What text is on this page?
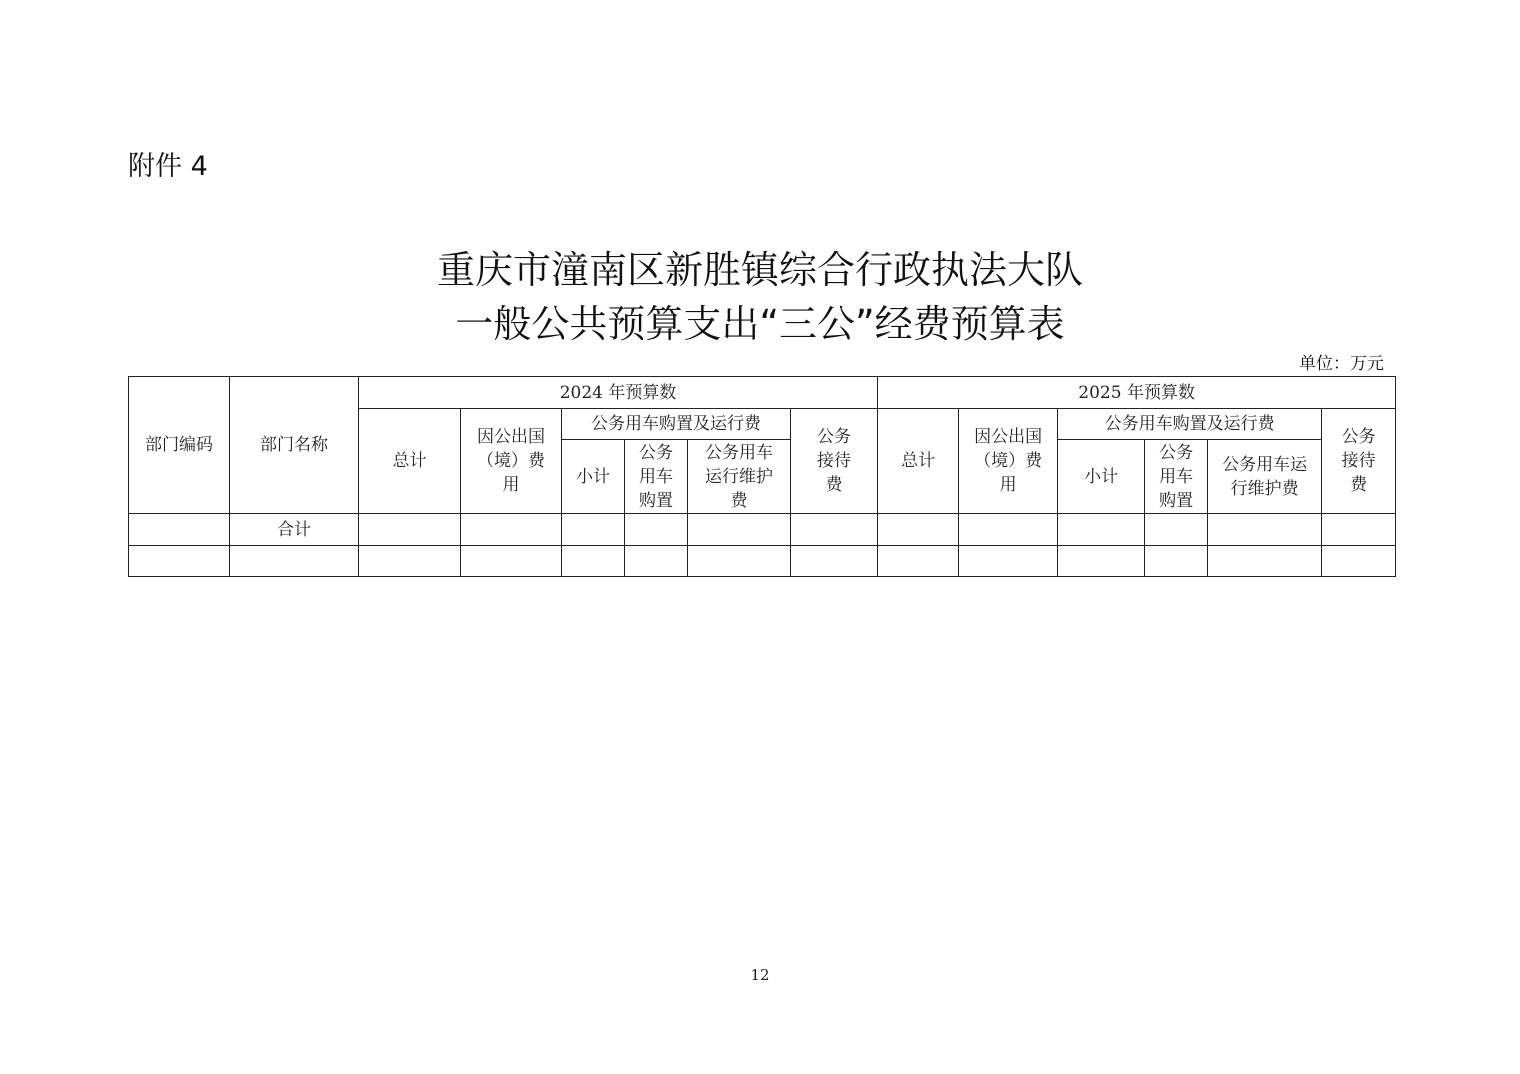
附件 4
重庆市潼南区新胜镇综合行政执法大队
一般公共预算支出“三公”经费预算表
单位：万元
部门编码	部门名称	2024 年预算数						2025 年预算数					
		总计	因公出国（境）费用	公务用车购置及运行费			公务接待费	总计	因公出国（境）费用	公务用车购置及运行费			公务接待费
				小计	公务用车购置	公务用车运行维护费				小计	公务用车购置	公务用车运行维护费	
	合计												

12
